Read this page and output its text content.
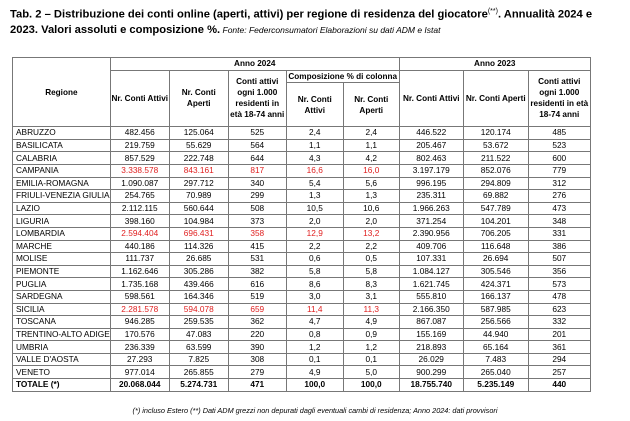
Tab. 2 – Distribuzione dei conti online (aperti, attivi) per regione di residenza del giocatore(**). Annualità 2024 e 2023. Valori assoluti e composizione %. Fonte: Federconsumatori Elaborazioni su dati ADM e Istat
Regione	Anno 2024					Anno 2023		
	Nr. Conti Attivi	Nr. Conti Aperti	Conti attivi ogni 1.000 residenti in età 18-74 anni	Composizione % di colonna		Nr. Conti Attivi	Nr. Conti Aperti	Conti attivi ogni 1.000 residenti in età 18-74 anni
				Nr. Conti Attivi	Nr. Conti Aperti			
ABRUZZO	482.456	125.064	525	2,4	2,4	446.522	120.174	485
BASILICATA	219.759	55.629	564	1,1	1,1	205.467	53.672	523
CALABRIA	857.529	222.748	644	4,3	4,2	802.463	211.522	600
CAMPANIA	3.338.578	843.161	817	16,6	16,0	3.197.179	852.076	779
EMILIA-ROMAGNA	1.090.087	297.712	340	5,4	5,6	996.195	294.809	312
FRIULI-VENEZIA GIULIA	254.765	70.989	299	1,3	1,3	235.311	69.882	276
LAZIO	2.112.115	560.644	508	10,5	10,6	1.966.263	547.789	473
LIGURIA	398.160	104.984	373	2,0	2,0	371.254	104.201	348
LOMBARDIA	2.594.404	696.431	358	12,9	13,2	2.390.956	706.205	331
MARCHE	440.186	114.326	415	2,2	2,2	409.706	116.648	386
MOLISE	111.737	26.685	531	0,6	0,5	107.331	26.694	507
PIEMONTE	1.162.646	305.286	382	5,8	5,8	1.084.127	305.546	356
PUGLIA	1.735.168	439.466	616	8,6	8,3	1.621.745	424.371	573
SARDEGNA	598.561	164.346	519	3,0	3,1	555.810	166.137	478
SICILIA	2.281.578	594.078	659	11,4	11,3	2.166.350	587.985	623
TOSCANA	946.285	259.535	362	4,7	4,9	867.087	256.566	332
TRENTINO-ALTO ADIGE	170.576	47.083	220	0,8	0,9	155.169	44.940	201
UMBRIA	236.339	63.599	390	1,2	1,2	218.893	65.164	361
VALLE D'AOSTA	27.293	7.825	308	0,1	0,1	26.029	7.483	294
VENETO	977.014	265.855	279	4,9	5,0	900.299	265.040	257
TOTALE (*)	20.068.044	5.274.731	471	100,0	100,0	18.755.740	5.235.149	440
(*) incluso Estero (**) Dati ADM grezzi non depurati dagli eventuali cambi di residenza; Anno 2024: dati provvisori
